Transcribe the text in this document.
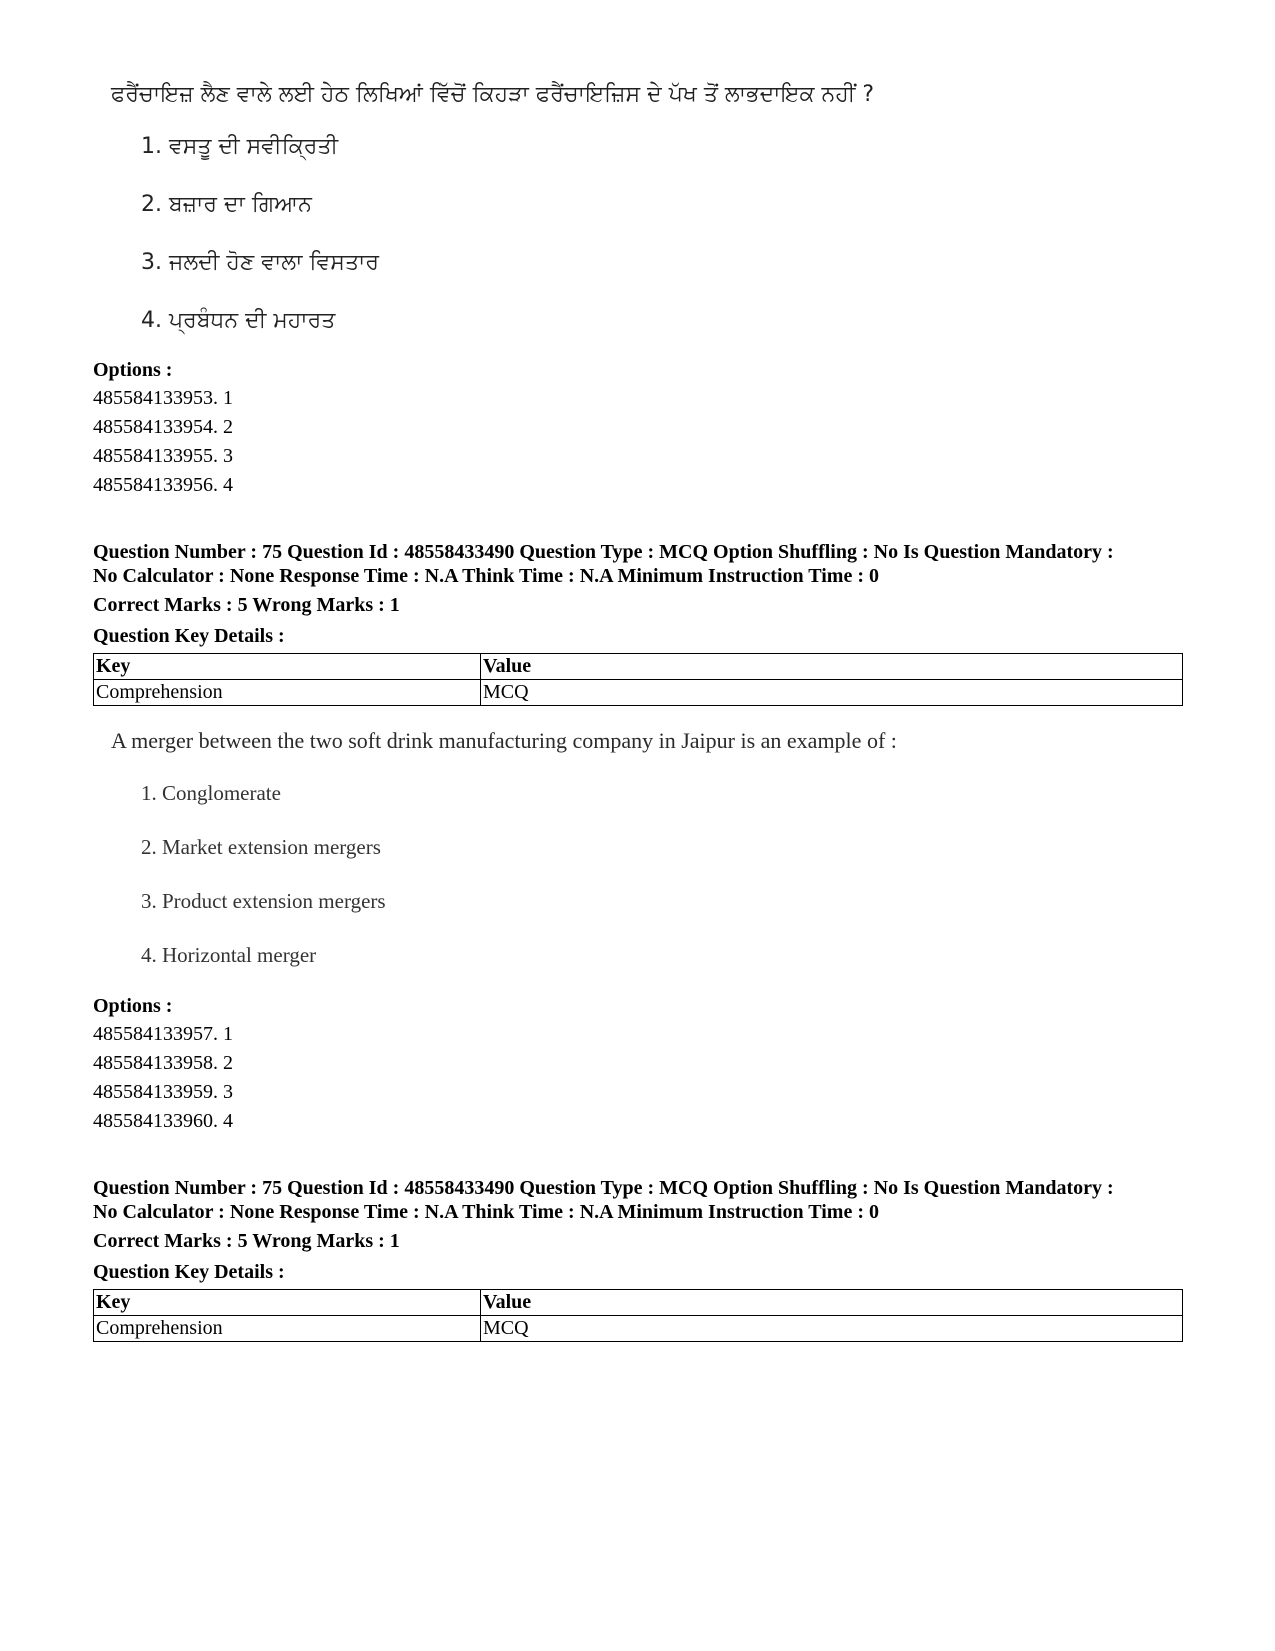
ਫਰੈਂਚਾਇਜ਼ ਲੈਣ ਵਾਲੇ ਲਈ ਹੇਠ ਲਿਖਿਆਂ ਵਿੱਚੋਂ ਕਿਹੜਾ ਫਰੈਂਚਾਇਜ਼ਿਸ ਦੇ ਪੱਖ ਤੋਂ ਲਾਭਦਾਇਕ ਨਹੀਂ ?

1. ਵਸਤੂ ਦੀ ਸਵੀਕ੍ਰਿਤੀ
2. ਬਜ਼ਾਰ ਦਾ ਗਿਆਨ
3. ਜਲਦੀ ਹੋਣ ਵਾਲਾ ਵਿਸਤਾਰ
4. ਪ੍ਰਬੰਧਨ ਦੀ ਮਹਾਰਤ

Options :

485584133953. 1

485584133954. 2

485584133955. 3

485584133956. 4

Question Number : 75 Question Id : 48558433490 Question Type : MCQ Option Shuffling : No Is Question Mandatory :

No Calculator : None Response Time : N.A Think Time : N.A Minimum Instruction Time : 0

Correct Marks : 5 Wrong Marks : 1

Question Key Details :

Key	Value
Comprehension	MCQ

A merger between the two soft drink manufacturing company in Jaipur is an example of :

1. Conglomerate
2. Market extension mergers
3. Product extension mergers
4. Horizontal merger

Options :

485584133957. 1

485584133958. 2

485584133959. 3

485584133960. 4

Question Number : 75 Question Id : 48558433490 Question Type : MCQ Option Shuffling : No Is Question Mandatory :

No Calculator : None Response Time : N.A Think Time : N.A Minimum Instruction Time : 0

Correct Marks : 5 Wrong Marks : 1

Question Key Details :

Key	Value
Comprehension	MCQ
